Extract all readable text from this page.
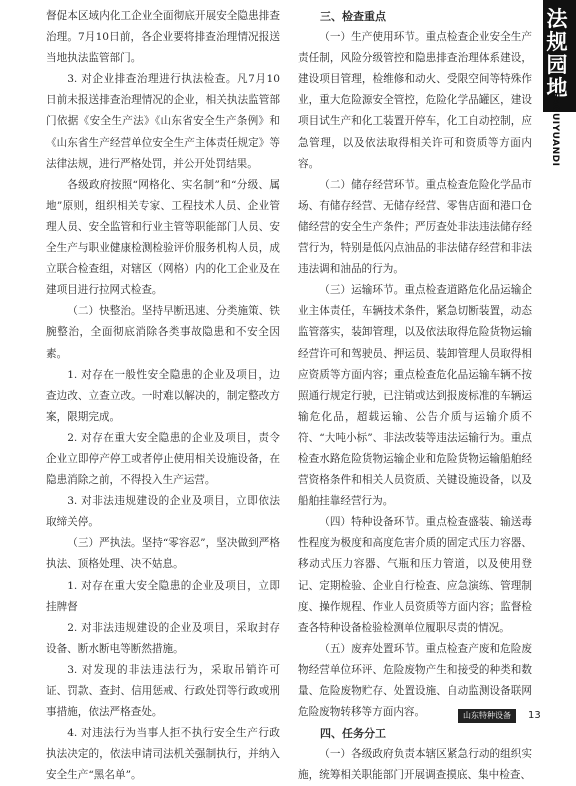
法规园地
FAGUIYUANDI

督促本区域内化工企业全面彻底开展安全隐患排查治理。7月10日前，各企业要将排查治理情况报送当地执法监管部门。

3. 对企业排查治理进行执法检查。凡7月10日前未报送排查治理情况的企业，相关执法监管部门依据《安全生产法》《山东省安全生产条例》和《山东省生产经营单位安全生产主体责任规定》等法律法规，进行严格处罚，并公开处罚结果。

各级政府按照“网格化、实名制”和“分级、属地”原则，组织相关专家、工程技术人员、企业管理人员、安全监管和行业主管等职能部门人员、安全生产与职业健康检测检验评价服务机构人员，成立联合检查组，对辖区（网格）内的化工企业及在建项目进行拉网式检查。

（二）快整治。坚持早断迅速、分类施策、铁腕整治，全面彻底消除各类事故隐患和不安全因素。

1. 对存在一般性安全隐患的企业及项目，边查边改、立查立改。一时难以解决的，制定整改方案，限期完成。

2. 对存在重大安全隐患的企业及项目，责令企业立即停产停工或者停止使用相关设施设备，在隐患消除之前，不得投入生产运营。

3. 对非法违规建设的企业及项目，立即依法取缔关停。

（三）严执法。坚持“零容忍”，坚决做到严格执法、顶格处理、决不姑息。

1. 对存在重大安全隐患的企业及项目，立即挂牌督

2. 对非法违规建设的企业及项目，采取封存设备、断水断电等断然措施。

3. 对发现的非法违法行为，采取吊销许可证、罚款、查封、信用惩戒、行政处罚等行政或刑事措施，依法严格查处。

4. 对违法行为当事人拒不执行安全生产行政执法决定的，依法申请司法机关强制执行，并纳入安全生产“黑名单”。

三、检查重点

（一）生产使用环节。重点检查企业安全生产责任制，风险分级管控和隐患排查治理体系建设，建设项目管理，检维修和动火、受限空间等特殊作业，重大危险源安全管控，危险化学品罐区，建设项目试生产和化工装置开停车，化工自动控制，应急管理，以及依法取得相关许可和资质等方面内容。

（二）储存经营环节。重点检查危险化学品市场、有储存经营、无储存经营、零售店面和港口仓储经营的安全生产条件；严厉查处非法违法储存经营行为，特别是低闪点油品的非法储存经营和非法违法调和油品的行为。

（三）运输环节。重点检查道路危化品运输企业主体责任，车辆技术条件，紧急切断装置，动态监管落实，装卸管理，以及依法取得危险货物运输经营许可和驾驶员、押运员、装卸管理人员取得相应资质等方面内容；重点检查危化品运输车辆不按照通行规定行驶，已注销或达到报废标准的车辆运输危化品，超载运输、公告介质与运输介质不符、“大吨小标”、非法改装等违法运输行为。重点检查水路危险货物运输企业和危险货物运输船舶经营资格条件和相关人员资质、关键设施设备，以及船舶挂靠经营行为。

（四）特种设备环节。重点检查盛装、输送毒性程度为极度和高度危害介质的固定式压力容器、移动式压力容器、气瓶和压力管道，以及使用登记、定期检验、企业自行检查、应急演练、管理制度、操作规程、作业人员资质等方面内容；监督检查各特种设备检验检测单位履职尽责的情况。

（五）废弃处置环节。重点检查产废和危险废物经营单位环评、危险废物产生和接受的种类和数量、危险废物贮存、处置设施、自动监测设备联网危险废物转移等方面内容。

四、任务分工

（一）各级政府负责本辖区紧急行动的组织实施，统筹相关职能部门开展调查摸底、集中检查、

山东特种设备	13
